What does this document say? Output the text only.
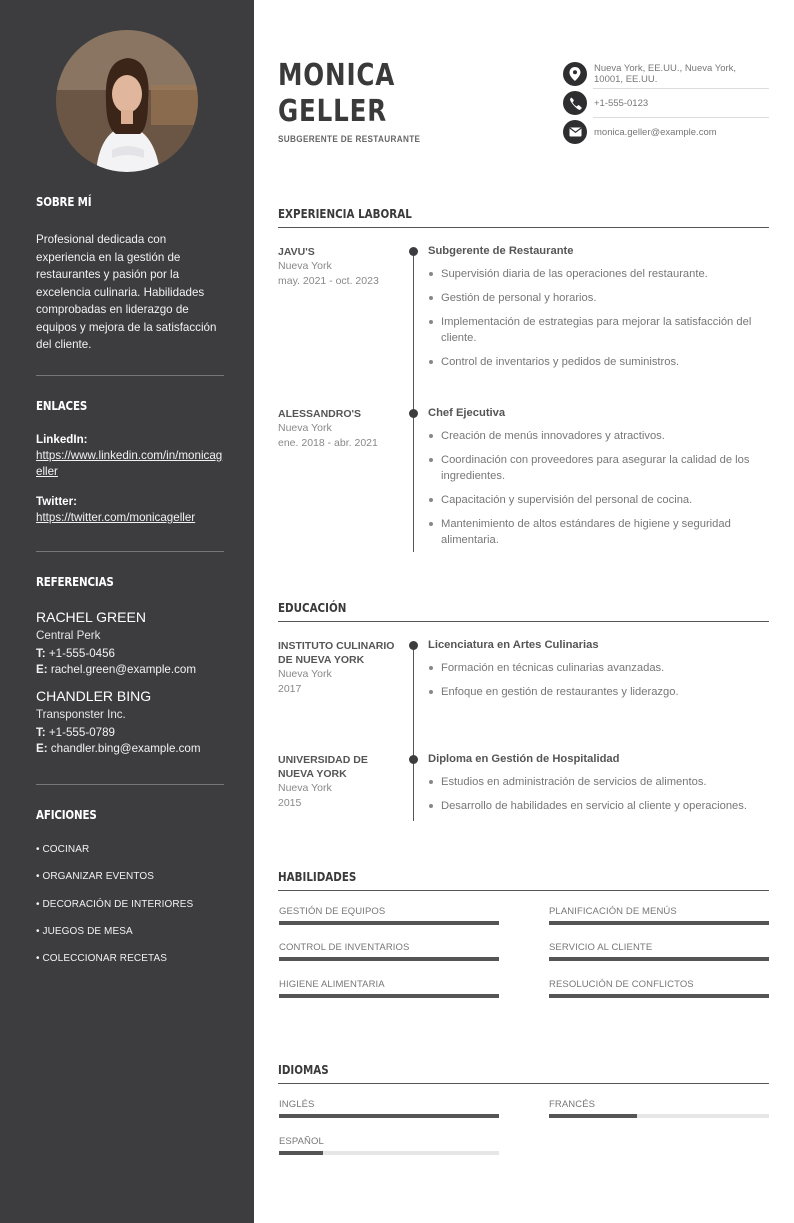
SOBRE MÍ

Profesional dedicada con experiencia en la gestión de restaurantes y pasión por la excelencia culinaria. Habilidades comprobadas en liderazgo de equipos y mejora de la satisfacción del cliente.

ENLACES
LinkedIn:
https://www.linkedin.com/in/monicageller
Twitter:
https://twitter.com/monicageller
REFERENCIAS
RACHEL GREEN
Central Perk
T: +1-555-0456
E: rachel.green@example.com
CHANDLER BING
Transponster Inc.
T: +1-555-0789
E: chandler.bing@example.com
AFICIONES
• COCINAR
• ORGANIZAR EVENTOS
• DECORACIÓN DE INTERIORES
• JUEGOS DE MESA
• COLECCIONAR RECETAS
MONICA
GELLER
SUBGERENTE DE RESTAURANTE
Nueva York, EE.UU., Nueva York, 10001, EE.UU.
+1-555-0123
monica.geller@example.com
EXPERIENCIA LABORAL
JAVU'S
Nueva York
may. 2021 - oct. 2023
Subgerente de Restaurante
Supervisión diaria de las operaciones del restaurante.
Gestión de personal y horarios.
Implementación de estrategias para mejorar la satisfacción del cliente.
Control de inventarios y pedidos de suministros.
ALESSANDRO'S
Nueva York
ene. 2018 - abr. 2021
Chef Ejecutiva
Creación de menús innovadores y atractivos.
Coordinación con proveedores para asegurar la calidad de los ingredientes.
Capacitación y supervisión del personal de cocina.
Mantenimiento de altos estándares de higiene y seguridad alimentaria.
EDUCACIÓN
INSTITUTO CULINARIO DE NUEVA YORK
Nueva York
2017
Licenciatura en Artes Culinarias
Formación en técnicas culinarias avanzadas.
Enfoque en gestión de restaurantes y liderazgo.
UNIVERSIDAD DE NUEVA YORK
Nueva York
2015
Diploma en Gestión de Hospitalidad
Estudios en administración de servicios de alimentos.
Desarrollo de habilidades en servicio al cliente y operaciones.
HABILIDADES
GESTIÓN DE EQUIPOS	PLANIFICACIÓN DE MENÚS
CONTROL DE INVENTARIOS	SERVICIO AL CLIENTE
HIGIENE ALIMENTARIA	RESOLUCIÓN DE CONFLICTOS
IDIOMAS
INGLÉS	FRANCÉS
ESPAÑOL
